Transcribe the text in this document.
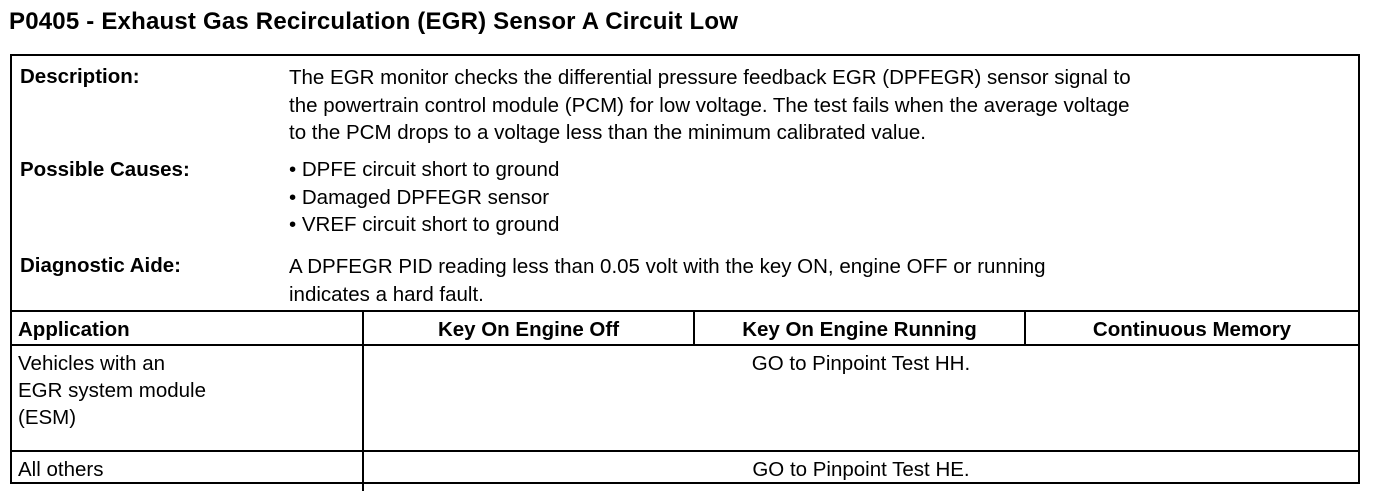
P0405 - Exhaust Gas Recirculation (EGR) Sensor A Circuit Low
Description:	The EGR monitor checks the differential pressure feedback EGR (DPFEGR) sensor signal to
the powertrain control module (PCM) for low voltage. The test fails when the average voltage
to the PCM drops to a voltage less than the minimum calibrated value.
Possible Causes:	• DPFE circuit short to ground
• Damaged DPFEGR sensor
• VREF circuit short to ground
Diagnostic Aide:	A DPFEGR PID reading less than 0.05 volt with the key ON, engine OFF or running
indicates a hard fault.
Application	Key On Engine Off	Key On Engine Running	Continuous Memory

Vehicles with an
EGR system module
(ESM)	GO to Pinpoint Test HH.		

All others	GO to Pinpoint Test HE.		
